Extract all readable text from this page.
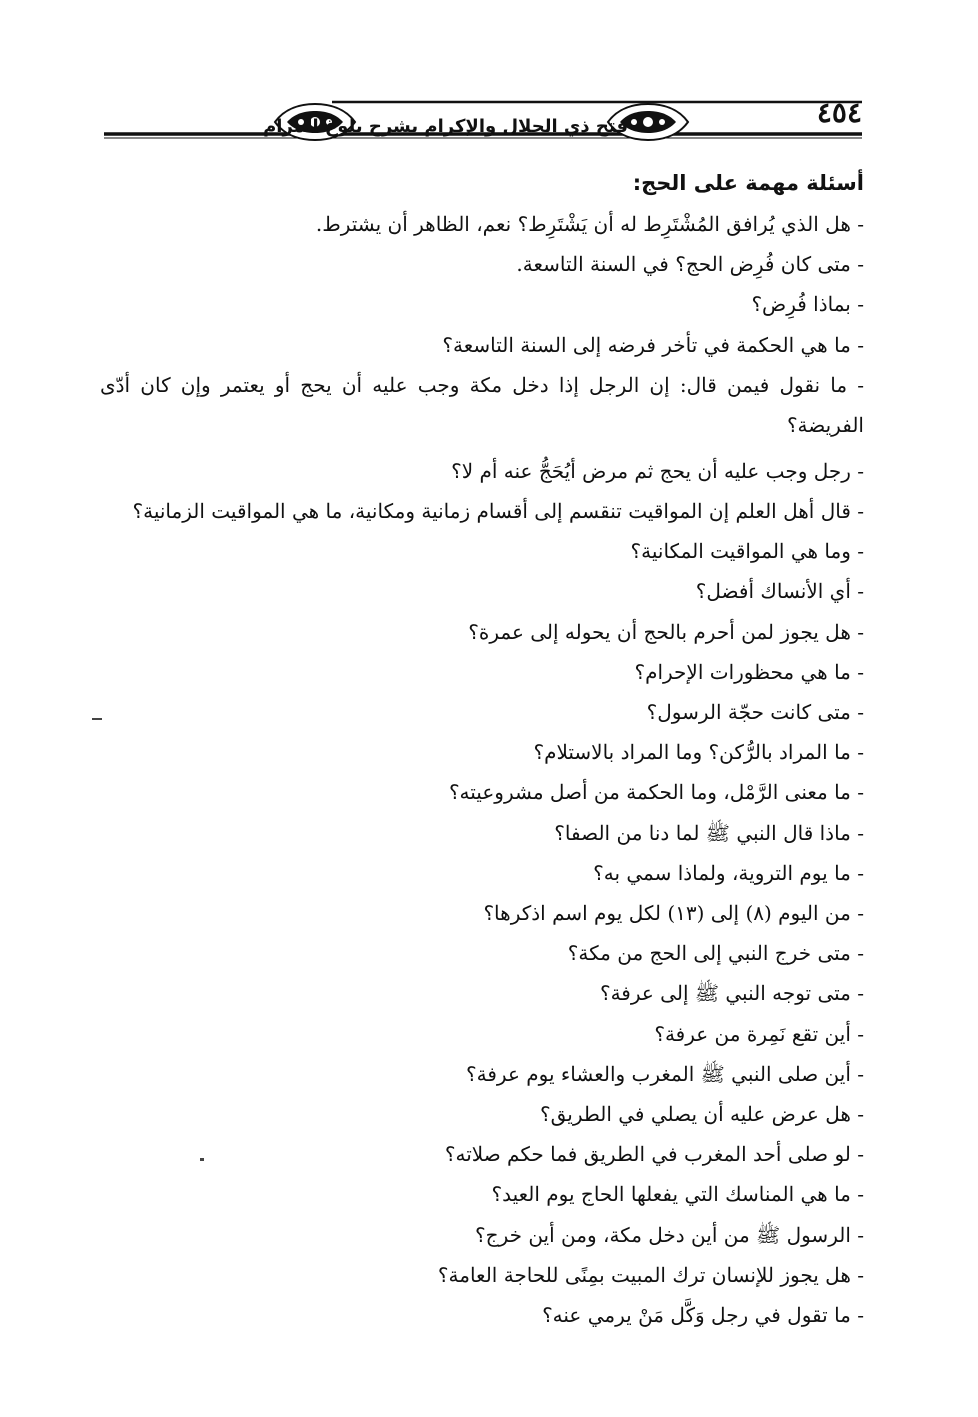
٤٥٤
فتح ذي الجلال والإكرام بشرح بلوغ المرام
أسئلة مهمة على الحج:
- هل الذي يُرافق المُشْتَرِط له أن يَشْتَرِط؟ نعم، الظاهر أن يشترط.
- متى كان فُرِض الحج؟ في السنة التاسعة.
- بماذا فُرِض؟
- ما هي الحكمة في تأخر فرضه إلى السنة التاسعة؟
- ما نقول فيمن قال: إن الرجل إذا دخل مكة وجب عليه أن يحج أو يعتمر وإن كان أدّى الفريضة؟
- رجل وجب عليه أن يحج ثم مرض أيُحَجُّ عنه أم لا؟
- قال أهل العلم إن المواقيت تنقسم إلى أقسام زمانية ومكانية، ما هي المواقيت الزمانية؟
- وما هي المواقيت المكانية؟
- أي الأنساك أفضل؟
- هل يجوز لمن أحرم بالحج أن يحوله إلى عمرة؟
- ما هي محظورات الإحرام؟
- متى كانت حجّة الرسول؟
- ما المراد بالرُّكن؟ وما المراد بالاستلام؟
- ما معنى الرَّمْل، وما الحكمة من أصل مشروعيته؟
- ماذا قال النبي ﷺ لما دنا من الصفا؟
- ما يوم التروية، ولماذا سمي به؟
- من اليوم (٨) إلى (١٣) لكل يوم اسم اذكرها؟
- متى خرج النبي إلى الحج من مكة؟
- متى توجه النبي ﷺ إلى عرفة؟
- أين تقع نَمِرة من عرفة؟
- أين صلى النبي ﷺ المغرب والعشاء يوم عرفة؟
- هل عرض عليه أن يصلي في الطريق؟
- لو صلى أحد المغرب في الطريق فما حكم صلاته؟
- ما هي المناسك التي يفعلها الحاج يوم العيد؟
- الرسول ﷺ من أين دخل مكة، ومن أين خرج؟
- هل يجوز للإنسان ترك المبيت بمِنًى للحاجة العامة؟
- ما تقول في رجل وَكَّل مَنْ يرمي عنه؟
